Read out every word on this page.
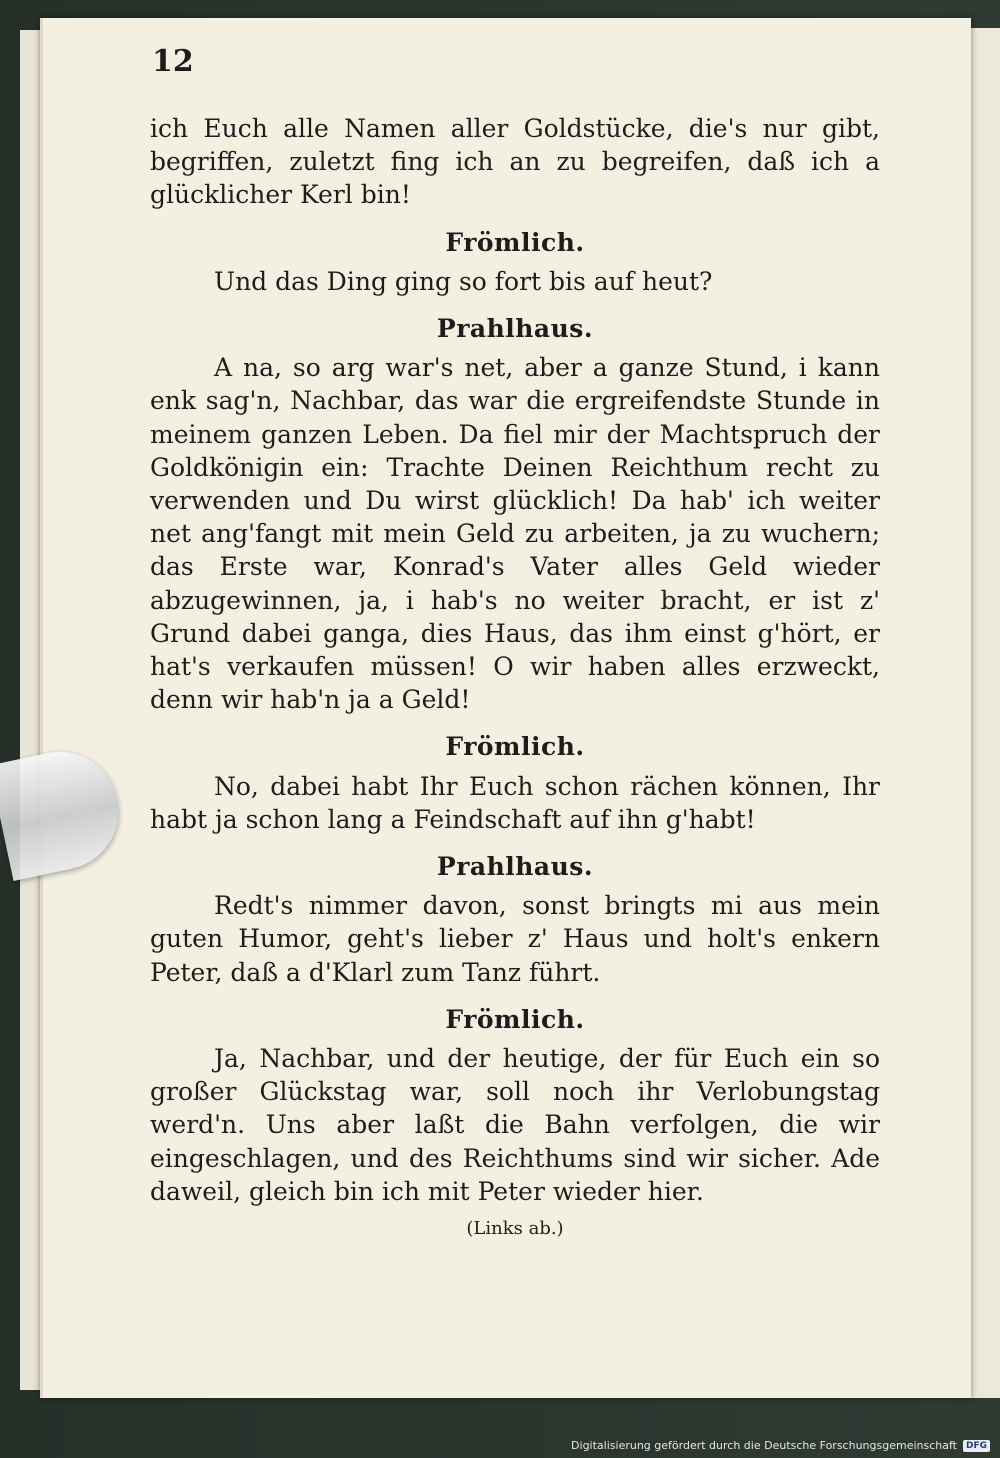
12

ich Euch alle Namen aller Goldstücke, die's nur gibt, begriffen, zuletzt fing ich an zu begreifen, daß ich a glücklicher Kerl bin!

Frömlich.

Und das Ding ging so fort bis auf heut?

Prahlhaus.

A na, so arg war's net, aber a ganze Stund, i kann enk sag'n, Nachbar, das war die ergreifendste Stunde in meinem ganzen Leben. Da fiel mir der Machtspruch der Goldkönigin ein: Trachte Deinen Reichthum recht zu verwenden und Du wirst glücklich! Da hab' ich weiter net ang'fangt mit mein Geld zu arbeiten, ja zu wuchern; das Erste war, Konrad's Vater alles Geld wieder abzugewinnen, ja, i hab's no weiter bracht, er ist z' Grund dabei ganga, dies Haus, das ihm einst g'hört, er hat's verkaufen müssen! O wir haben alles erzweckt, denn wir hab'n ja a Geld!

Frömlich.

No, dabei habt Ihr Euch schon rächen können, Ihr habt ja schon lang a Feindschaft auf ihn g'habt!

Prahlhaus.

Redt's nimmer davon, sonst bringts mi aus mein guten Humor, geht's lieber z' Haus und holt's enkern Peter, daß a d'Klarl zum Tanz führt.

Frömlich.

Ja, Nachbar, und der heutige, der für Euch ein so großer Glückstag war, soll noch ihr Verlobungstag werd'n. Uns aber laßt die Bahn verfolgen, die wir eingeschlagen, und des Reichthums sind wir sicher. Ade daweil, gleich bin ich mit Peter wieder hier.

(Links ab.)
Digitalisierung gefördert durch die Deutsche Forschungsgemeinschaft	DFG
